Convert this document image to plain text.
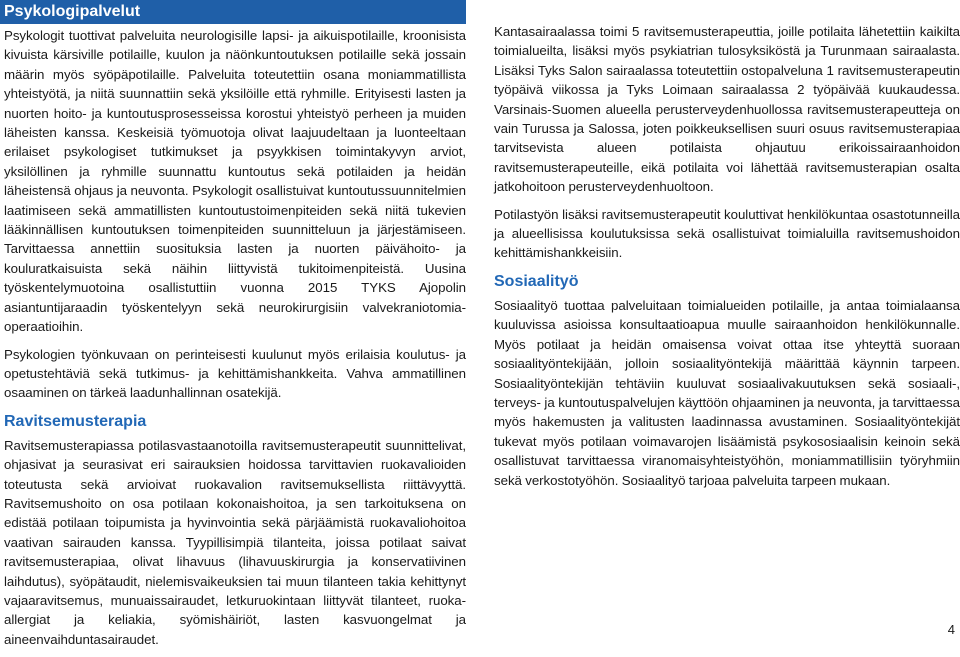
Psykologipalvelut

Psykologit tuottivat palveluita neurologisille lapsi- ja aikuispotilaille, kroonisista kivuista kärsiville potilaille, kuulon ja näönkuntoutuksen potilaille sekä jossain määrin myös syöpäpotilaille. Palveluita toteutettiin osana moniammatillista yhteistyötä, ja niitä suunnattiin sekä yksilöille että ryhmille. Erityisesti lasten ja nuorten hoito- ja kuntoutusprosesseissa korostui yhteistyö perheen ja muiden läheisten kanssa. Keskeisiä työmuotoja olivat laajuudeltaan ja luonteeltaan erilaiset psykologiset tutkimukset ja psyykkisen toimintakyvyn arviot, yksilöllinen ja ryhmille suunnattu kuntoutus sekä potilaiden ja heidän läheistensä ohjaus ja neuvonta. Psykologit osallistuivat kuntoutussuunnitelmien laatimiseen sekä ammatillisten kuntoutustoimenpiteiden sekä niitä tukevien lääkinnällisen kuntoutuksen toimenpiteiden suunnitteluun ja järjestämiseen. Tarvittaessa annettiin suosituksia lasten ja nuorten päivähoito- ja kouluratkaisuista sekä näihin liittyvistä tukitoimenpiteistä. Uusina työskentelymuotoina osallistuttiin vuonna 2015 TYKS Ajopolin asiantuntijaraadin työskentelyyn sekä neurokirurgisiin valvekraniotomia-operaatioihin.

Psykologien työnkuvaan on perinteisesti kuulunut myös erilaisia koulutus- ja opetustehtäviä sekä tutkimus- ja kehittämishankkeita. Vahva ammatillinen osaaminen on tärkeä laadunhallinnan osatekijä.

Ravitsemusterapia

Ravitsemusterapiassa potilasvastaanotoilla ravitsemusterapeutit suunnittelivat, ohjasivat ja seurasivat eri sairauksien hoidossa tarvittavien ruokavalioiden toteutusta sekä arvioivat ruokavalion ravitsemuksellista riittävyyttä. Ravitsemushoito on osa potilaan kokonaishoitoa, ja sen tarkoituksena on edistää potilaan toipumista ja hyvinvointia sekä pärjäämistä ruokavaliohoitoa vaativan sairauden kanssa. Tyypillisimpiä tilanteita, joissa potilaat saivat ravitsemusterapiaa, olivat lihavuus (lihavuuskirurgia ja konservatiivinen laihdutus), syöpätaudit, nielemisvaikeuksien tai muun tilanteen takia kehittynyt vajaaravitsemus, munuaissairaudet, letkuruokintaan liittyvät tilanteet, ruoka-allergiat ja keliakia, syömishäiriöt, lasten kasvuongelmat ja aineenvaihduntasairaudet.

Kantasairaalassa toimi 5 ravitsemusterapeuttia, joille potilaita lähetettiin kaikilta toimialueilta, lisäksi myös psykiatrian tulosyksiköstä ja Turunmaan sairaalasta. Lisäksi Tyks Salon sairaalassa toteutettiin ostopalveluna 1 ravitsemusterapeutin työpäivä viikossa ja Tyks Loimaan sairaalassa 2 työpäivää kuukaudessa. Varsinais-Suomen alueella perusterveydenhuollossa ravitsemusterapeutteja on vain Turussa ja Salossa, joten poikkeuksellisen suuri osuus ravitsemusterapiaa tarvitsevista alueen potilaista ohjautuu erikoissairaanhoidon ravitsemusterapeuteille, eikä potilaita voi lähettää ravitsemusterapian osalta jatkohoitoon perusterveydenhuoltoon.

Potilastyön lisäksi ravitsemusterapeutit kouluttivat henkilökuntaa osastotunneilla ja alueellisissa koulutuksissa sekä osallistuivat toimialuilla ravitsemushoidon kehittämishankkeisiin.

Sosiaalityö

Sosiaalityö tuottaa palveluitaan toimialueiden potilaille, ja antaa toimialaansa kuuluvissa asioissa konsultaatioapua muulle sairaanhoidon henkilökunnalle. Myös potilaat ja heidän omaisensa voivat ottaa itse yhteyttä suoraan sosiaalityöntekijään, jolloin sosiaalityöntekijä määrittää käynnin tarpeen. Sosiaalityöntekijän tehtäviin kuuluvat sosiaalivakuutuksen sekä sosiaali-, terveys- ja kuntoutuspalvelujen käyttöön ohjaaminen ja neuvonta, ja tarvittaessa myös hakemusten ja valitusten laadinnassa avustaminen. Sosiaalityöntekijät tukevat myös potilaan voimavarojen lisäämistä psykososiaalisin keinoin sekä osallistuvat tarvittaessa viranomaisyhteistyöhön, moniammatillisiin työryhmiin sekä verkostotyöhön. Sosiaalityö tarjoaa palveluita tarpeen mukaan.

4
